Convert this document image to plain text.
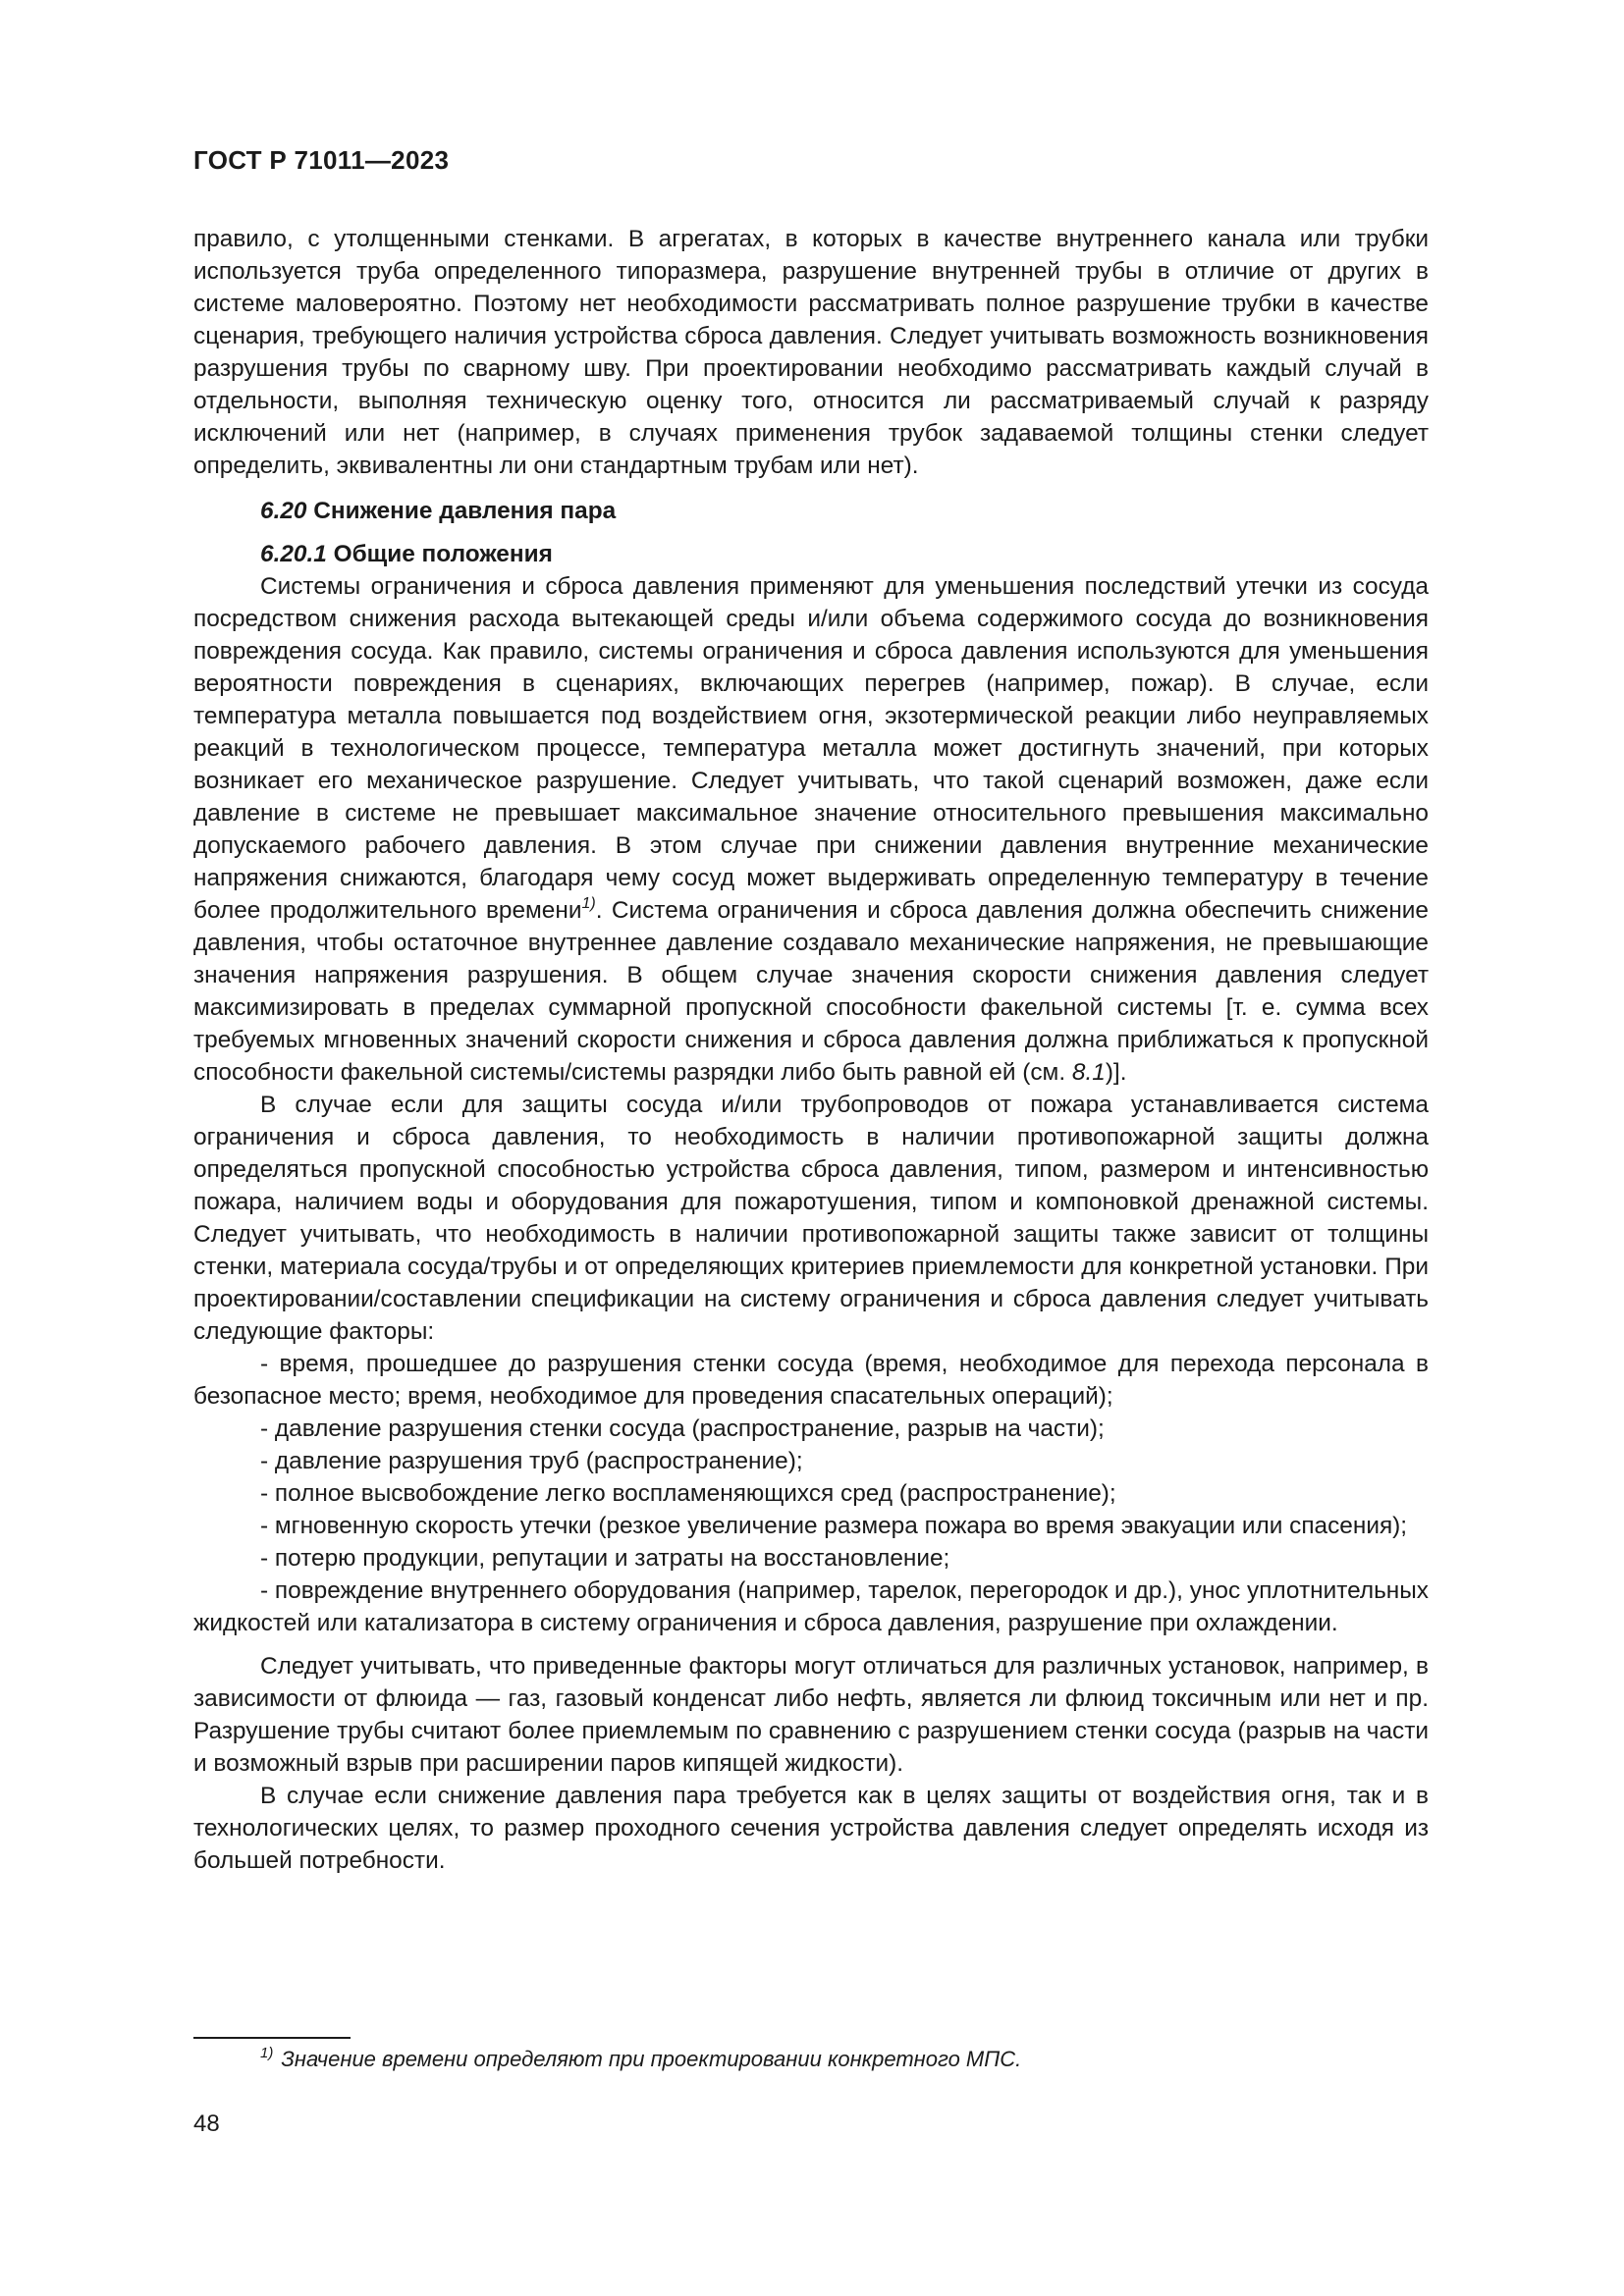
ГОСТ Р 71011—2023

правило, с утолщенными стенками. В агрегатах, в которых в качестве внутреннего канала или трубки используется труба определенного типоразмера, разрушение внутренней трубы в отличие от других в системе маловероятно. Поэтому нет необходимости рассматривать полное разрушение трубки в качестве сценария, требующего наличия устройства сброса давления. Следует учитывать возможность возникновения разрушения трубы по сварному шву. При проектировании необходимо рассматривать каждый случай в отдельности, выполняя техническую оценку того, относится ли рассматриваемый случай к разряду исключений или нет (например, в случаях применения трубок задаваемой толщины стенки следует определить, эквивалентны ли они стандартным трубам или нет).

6.20 Снижение давления пара

6.20.1 Общие положения

Системы ограничения и сброса давления применяют для уменьшения последствий утечки из сосуда посредством снижения расхода вытекающей среды и/или объема содержимого сосуда до возникновения повреждения сосуда. Как правило, системы ограничения и сброса давления используются для уменьшения вероятности повреждения в сценариях, включающих перегрев (например, пожар). В случае, если температура металла повышается под воздействием огня, экзотермической реакции либо неуправляемых реакций в технологическом процессе, температура металла может достигнуть значений, при которых возникает его механическое разрушение. Следует учитывать, что такой сценарий возможен, даже если давление в системе не превышает максимальное значение относительного превышения максимально допускаемого рабочего давления. В этом случае при снижении давления внутренние механические напряжения снижаются, благодаря чему сосуд может выдерживать определенную температуру в течение более продолжительного времени$^{1)}$. Система ограничения и сброса давления должна обеспечить снижение давления, чтобы остаточное внутреннее давление создавало механические напряжения, не превышающие значения напряжения разрушения. В общем случае значения скорости снижения давления следует максимизировать в пределах суммарной пропускной способности факельной системы [т. е. сумма всех требуемых мгновенных значений скорости снижения и сброса давления должна приближаться к пропускной способности факельной системы/системы разрядки либо быть равной ей (см. 8.1)].

В случае если для защиты сосуда и/или трубопроводов от пожара устанавливается система ограничения и сброса давления, то необходимость в наличии противопожарной защиты должна определяться пропускной способностью устройства сброса давления, типом, размером и интенсивностью пожара, наличием воды и оборудования для пожаротушения, типом и компоновкой дренажной системы. Следует учитывать, что необходимость в наличии противопожарной защиты также зависит от толщины стенки, материала сосуда/трубы и от определяющих критериев приемлемости для конкретной установки. При проектировании/составлении спецификации на систему ограничения и сброса давления следует учитывать следующие факторы:

- время, прошедшее до разрушения стенки сосуда (время, необходимое для перехода персонала в безопасное место; время, необходимое для проведения спасательных операций);

- давление разрушения стенки сосуда (распространение, разрыв на части);

- давление разрушения труб (распространение);

- полное высвобождение легко воспламеняющихся сред (распространение);

- мгновенную скорость утечки (резкое увеличение размера пожара во время эвакуации или спасения);

- потерю продукции, репутации и затраты на восстановление;

- повреждение внутреннего оборудования (например, тарелок, перегородок и др.), унос уплотнительных жидкостей или катализатора в систему ограничения и сброса давления, разрушение при охлаждении.

Следует учитывать, что приведенные факторы могут отличаться для различных установок, например, в зависимости от флюида — газ, газовый конденсат либо нефть, является ли флюид токсичным или нет и пр. Разрушение трубы считают более приемлемым по сравнению с разрушением стенки сосуда (разрыв на части и возможный взрыв при расширении паров кипящей жидкости).

В случае если снижение давления пара требуется как в целях защиты от воздействия огня, так и в технологических целях, то размер проходного сечения устройства давления следует определять исходя из большей потребности.

$^{1)}$ Значение времени определяют при проектировании конкретного МПС.
48
